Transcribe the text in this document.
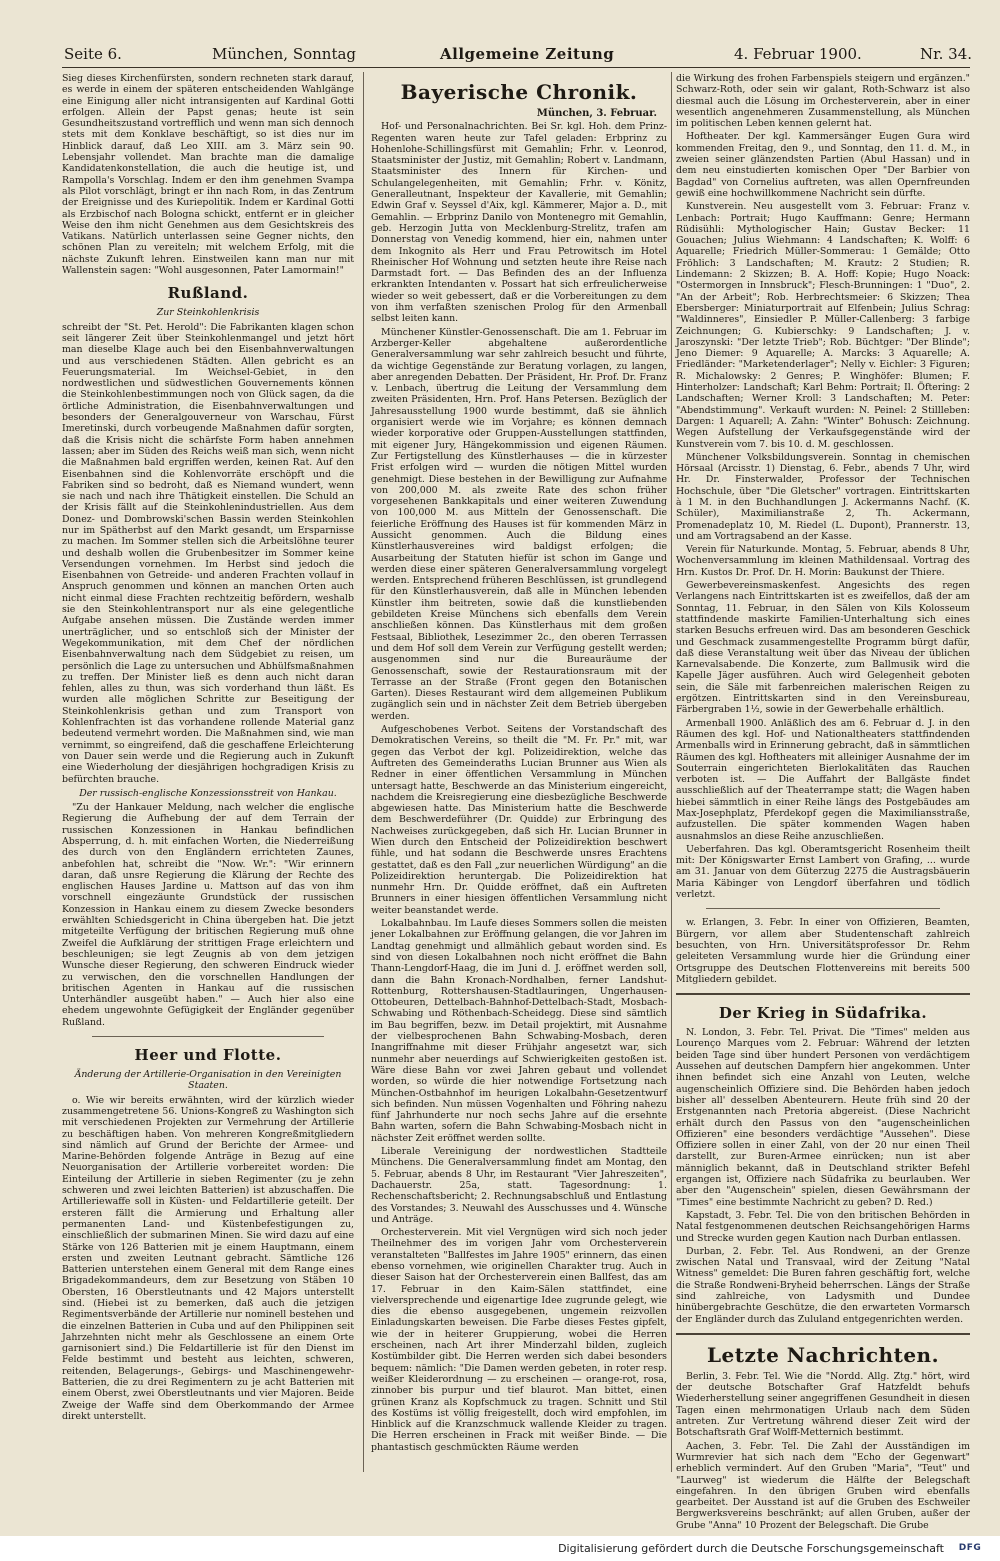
Seite 6.	München, Sonntag	Allgemeine Zeitung	4. Februar 1900.	Nr. 34.

Sieg dieses Kirchenfürsten, sondern rechneten stark darauf, es werde in einem der späteren entscheidenden Wahlgänge eine Einigung aller nicht intransigenten auf Kardinal Gotti erfolgen. Allein der Papst genas; heute ist sein Gesundheitszustand vortrefflich und wenn man sich dennoch stets mit dem Konklave beschäftigt, so ist dies nur im Hinblick darauf, daß Leo XIII. am 3. März sein 90. Lebensjahr vollendet. Man brachte man die damalige Kandidatenkonstellation, die auch die heutige ist, und Rampolla's Vorschlag. Indem er den ihm genehmen Svampa als Pilot vorschlägt, bringt er ihn nach Rom, in das Zentrum der Ereignisse und des Kuriepolitik. Indem er Kardinal Gotti als Erzbischof nach Bologna schickt, entfernt er in gleicher Weise den ihm nicht Genehmen aus dem Gesichtskreis des Vatikans. Natürlich unterlassen seine Gegner nichts, den schönen Plan zu vereiteln; mit welchem Erfolg, mit die nächste Zukunft lehren. Einstweilen kann man nur mit Wallenstein sagen: "Wohl ausgesonnen, Pater Lamormain!"

Rußland.
Zur Steinkohlenkrisis

schreibt der "St. Pet. Herold": Die Fabrikanten klagen schon seit längerer Zeit über Steinkohlenmangel und jetzt hört man dieselbe Klage auch bei den Eisenbahnverwaltungen und aus verschiedenen Städten. Allen gebricht es an Feuerungsmaterial. Im Weichsel-Gebiet, in den nordwestlichen und südwestlichen Gouvernements können die Steinkohlenbestimmungen noch von Glück sagen, da die örtliche Administration, die Eisenbahnverwaltungen und besonders der Generalgouverneur von Warschau, Fürst Imeretinski, durch vorbeugende Maßnahmen dafür sorgten, daß die Krisis nicht die schärfste Form haben annehmen lassen; aber im Süden des Reichs weiß man sich, wenn nicht die Maßnahmen bald ergriffen werden, keinen Rat. Auf den Eisenbahnen sind die Kohlenvorräte erschöpft und die Fabriken sind so bedroht, daß es Niemand wundert, wenn sie nach und nach ihre Thätigkeit einstellen. Die Schuld an der Krisis fällt auf die Steinkohlenindustriellen. Aus dem Donez- und Dombrowski'schen Bassin werden Steinkohlen nur im Spätherbst auf den Markt gesandt, um Ersparnisse zu machen. Im Sommer stellen sich die Arbeitslöhne teurer und deshalb wollen die Grubenbesitzer im Sommer keine Versendungen vornehmen. Im Herbst sind jedoch die Eisenbahnen von Getreide- und anderen Frachten vollauf in Anspruch genommen und können an manchen Orten auch nicht einmal diese Frachten rechtzeitig befördern, weshalb sie den Steinkohlentransport nur als eine gelegentliche Aufgabe ansehen müssen. Die Zustände werden immer unerträglicher, und so entschloß sich der Minister der Wegekommunikation, mit dem Chef der nördlichen Eisenbahnverwaltung nach dem Südgebiet zu reisen, um persönlich die Lage zu untersuchen und Abhülfsmaßnahmen zu treffen. Der Minister ließ es denn auch nicht daran fehlen, alles zu thun, was sich vorderhand thun läßt. Es wurden alle möglichen Schritte zur Beseitigung der Steinkohlenkrisis gethan und zum Transport von Kohlenfrachten ist das vorhandene rollende Material ganz bedeutend vermehrt worden. Die Maßnahmen sind, wie man vernimmt, so eingreifend, daß die geschaffene Erleichterung von Dauer sein werde und die Regierung auch in Zukunft eine Wiederholung der diesjährigen hochgradigen Krisis zu befürchten brauche.

Der russisch-englische Konzessionsstreit von Hankau.

"Zu der Hankauer Meldung, nach welcher die englische Regierung die Aufhebung der auf dem Terrain der russischen Konzessionen in Hankau befindlichen Absperrung, d. h. mit einfachen Worten, die Niederreißung des durch von den Engländern errichteten Zaunes, anbefohlen hat, schreibt die "Now. Wr.": "Wir erinnern daran, daß unsre Regierung die Klärung der Rechte des englischen Hauses Jardine u. Mattson auf das von ihm vorschnell eingezäunte Grundstück der russischen Konzession in Hankau einem zu diesem Zwecke besonders erwählten Schiedsgericht in China übergeben hat. Die jetzt mitgeteilte Verfügung der britischen Regierung muß ohne Zweifel die Aufklärung der strittigen Frage erleichtern und beschleunigen; sie legt Zeugnis ab von dem jetzigen Wunsche dieser Regierung, den schweren Eindruck wieder zu verwischen, den die vorschnellen Handlungen der britischen Agenten in Hankau auf die russischen Unterhändler ausgeübt haben." — Auch hier also eine ehedem ungewohnte Gefügigkeit der Engländer gegenüber Rußland.

Heer und Flotte.
Änderung der Artillerie-Organisation in den Vereinigten Staaten.

o. Wie wir bereits erwähnten, wird der kürzlich wieder zusammengetretene 56. Unions-Kongreß zu Washington sich mit verschiedenen Projekten zur Vermehrung der Artillerie zu beschäftigen haben. Von mehreren Kongreßmitgliedern sind nämlich auf Grund der Berichte der Armee- und Marine-Behörden folgende Anträge in Bezug auf eine Neuorganisation der Artillerie vorbereitet worden: Die Einteilung der Artillerie in sieben Regimenter (zu je zehn schweren und zwei leichten Batterien) ist abzuschaffen. Die Artilleriewaffe soll in Küsten- und Feldartillerie geteilt. Der ersteren fällt die Armierung und Erhaltung aller permanenten Land- und Küstenbefestigungen zu, einschließlich der submarinen Minen. Sie wird dazu auf eine Stärke von 126 Batterien mit je einem Hauptmann, einem ersten und zweiten Leutnant gebracht. Sämtliche 126 Batterien unterstehen einem General mit dem Range eines Brigadekommandeurs, dem zur Besetzung von Stäben 10 Obersten, 16 Oberstleutnants und 42 Majors unterstellt sind. (Hiebei ist zu bemerken, daß auch die jetzigen Regimentsverbände der Artillerie nur nominell bestehen und die einzelnen Batterien in Cuba und auf den Philippinen seit Jahrzehnten nicht mehr als Geschlossene an einem Orte garnisoniert sind.) Die Feldartillerie ist für den Dienst im Felde bestimmt und besteht aus leichten, schweren, reitenden, Belagerungs-, Gebirgs- und Maschinengewehr-Batterien, die zu drei Regimentern zu je acht Batterien mit einem Oberst, zwei Oberstleutnants und vier Majoren. Beide Zweige der Waffe sind dem Oberkommando der Armee direkt unterstellt.

Bayerische Chronik.
München, 3. Februar.

Hof- und Personalnachrichten. Bei Sr. kgl. Hoh. dem Prinz-Regenten waren heute zur Tafel geladen: Erbprinz zu Hohenlohe-Schillingsfürst mit Gemahlin; Frhr. v. Leonrod, Staatsminister der Justiz, mit Gemahlin; Robert v. Landmann, Staatsminister des Innern für Kirchen- und Schulangelegenheiten, mit Gemahlin; Frhr. v. Könitz, Generalleutnant, Inspekteur der Kavallerie, mit Gemahlin; Edwin Graf v. Seyssel d'Aix, kgl. Kämmerer, Major a. D., mit Gemahlin. — Erbprinz Danilo von Montenegro mit Gemahlin, geb. Herzogin Jutta von Mecklenburg-Strelitz, trafen am Donnerstag von Venedig kommend, hier ein, nahmen unter dem Inkognito als Herr und Frau Petrowitsch im Hotel Rheinischer Hof Wohnung und setzten heute ihre Reise nach Darmstadt fort. — Das Befinden des an der Influenza erkrankten Intendanten v. Possart hat sich erfreulicherweise wieder so weit gebessert, daß er die Vorbereitungen zu dem von ihm verfaßten szenischen Prolog für den Armenball selbst leiten kann.

Münchener Künstler-Genossenschaft. Die am 1. Februar im Arzberger-Keller abgehaltene außerordentliche Generalversammlung war sehr zahlreich besucht und führte, da wichtige Gegenstände zur Beratung vorlagen, zu langen, aber anregenden Debatten. Der Präsident, Hr. Prof. Dr. Franz v. Lenbach, übertrug die Leitung der Versammlung dem zweiten Präsidenten, Hrn. Prof. Hans Petersen. Bezüglich der Jahresausstellung 1900 wurde bestimmt, daß sie ähnlich organisiert werde wie im Vorjahre; es können demnach wieder korporative oder Gruppen-Ausstellungen stattfinden, mit eigener Jury, Hängekommission und eigenen Räumen. Zur Fertigstellung des Künstlerhauses — die in kürzester Frist erfolgen wird — wurden die nötigen Mittel wurden genehmigt. Diese bestehen in der Bewilligung zur Aufnahme von 200,000 M. als zweite Rate des schon früher vorgesehenen Bankkapitals und einer weiteren Zuwendung von 100,000 M. aus Mitteln der Genossenschaft. Die feierliche Eröffnung des Hauses ist für kommenden März in Aussicht genommen. Auch die Bildung eines Künstlerhausvereines wird baldigst erfolgen; die Ausarbeitung der Statuten hiefür ist schon im Gange und werden diese einer späteren Generalversammlung vorgelegt werden. Entsprechend früheren Beschlüssen, ist grundlegend für den Künstlerhausverein, daß alle in München lebenden Künstler ihm beitreten, sowie daß die kunstliebenden gebildeten Kreise Münchens sich ebenfalls dem Verein anschließen können. Das Künstlerhaus mit dem großen Festsaal, Bibliothek, Lesezimmer 2c., den oberen Terrassen und dem Hof soll dem Verein zur Verfügung gestellt werden; ausgenommen sind nur die Bureauräume der Genossenschaft, sowie der Restaurationsraum mit der Terrasse an der Straße (Front gegen den Botanischen Garten). Dieses Restaurant wird dem allgemeinen Publikum zugänglich sein und in nächster Zeit dem Betrieb übergeben werden.

Aufgeschobenes Verbot. Seitens der Vorstandschaft des Demokratischen Vereins, so theilt die "M. Fr. Pr." mit, war gegen das Verbot der kgl. Polizeidirektion, welche das Auftreten des Gemeinderaths Lucian Brunner aus Wien als Redner in einer öffentlichen Versammlung in München untersagt hatte, Beschwerde an das Ministerium eingereicht, nachdem die Kreisregierung eine diesbezügliche Beschwerde abgewiesen hatte. Das Ministerium hatte die Beschwerde dem Beschwerdeführer (Dr. Quidde) zur Erbringung des Nachweises zurückgegeben, daß sich Hr. Lucian Brunner in Wien durch den Entscheid der Polizeidirektion beschwert fühle, und hat sodann die Beschwerde unsres Erachtens gestattet, daß es den Fall „zur neuerlichen Würdigung" an die Polizeidirektion heruntergab. Die Polizeidirektion hat nunmehr Hrn. Dr. Quidde eröffnet, daß ein Auftreten Brunners in einer hiesigen öffentlichen Versammlung nicht weiter beanstandet werde.

Lokalbahnbau. Im Laufe dieses Sommers sollen die meisten jener Lokalbahnen zur Eröffnung gelangen, die vor Jahren im Landtag genehmigt und allmählich gebaut worden sind. Es sind von diesen Lokalbahnen noch nicht eröffnet die Bahn Thann-Lengdorf-Haag, die im Juni d. J. eröffnet werden soll, dann die Bahn Kronach-Nordhalben, ferner Landshut-Rottenburg, Rottershausen-Stadtlauringen, Ungerhausen-Ottobeuren, Dettelbach-Bahnhof-Dettelbach-Stadt, Mosbach-Schwabing und Röthenbach-Scheidegg. Diese sind sämtlich im Bau begriffen, bezw. im Detail projektirt, mit Ausnahme der vielbesprochenen Bahn Schwabing-Mosbach, deren Inangriffnahme mit dieser Frühjahr angesetzt war, sich nunmehr aber neuerdings auf Schwierigkeiten gestoßen ist. Wäre diese Bahn vor zwei Jahren gebaut und vollendet worden, so würde die hier notwendige Fortsetzung nach München-Ostbahnhof im heurigen Lokalbahn-Gesetzentwurf sich befinden. Nun müssen Vogenhalten und Föhring nahezu fünf Jahrhunderte nur noch sechs Jahre auf die ersehnte Bahn warten, sofern die Bahn Schwabing-Mosbach nicht in nächster Zeit eröffnet werden sollte.

Liberale Vereinigung der nordwestlichen Stadtteile Münchens. Die Generalversammlung findet am Montag, den 5. Februar, abends 8 Uhr, im Restaurant "Vier Jahreszeiten", Dachauerstr. 25a, statt. Tagesordnung: 1. Rechenschaftsbericht; 2. Rechnungsabschluß und Entlastung des Vorstandes; 3. Neuwahl des Ausschusses und 4. Wünsche und Anträge.

Orchesterverein. Mit viel Vergnügen wird sich noch jeder Theilnehmer des im vorigen Jahr vom Orchesterverein veranstalteten "Ballfestes im Jahre 1905" erinnern, das einen ebenso vornehmen, wie originellen Charakter trug. Auch in dieser Saison hat der Orchesterverein einen Ballfest, das am 17. Februar in den Kaim-Sälen stattfindet, eine vielversprechende und eigenartige Idee zugrunde gelegt, wie dies die ebenso ausgegebenen, ungemein reizvollen Einladungskarten beweisen. Die Farbe dieses Festes gipfelt, wie der in heiterer Gruppierung, wobei die Herren erscheinen, nach Art ihrer Minderzahl bilden, zugleich Kostümbilder gibt. Die Herren werden sich dabei besonders bequem: nämlich: "Die Damen werden gebeten, in roter resp. weißer Kleiderordnung — zu erscheinen — orange-rot, rosa, zinnober bis purpur und tief blaurot. Man bittet, einen grünen Kranz als Kopfschmuck zu tragen. Schnitt und Stil des Kostüms ist völlig freigestellt, doch wird empfohlen, im Hinblick auf die Kranzschmuck wallende Kleider zu tragen. Die Herren erscheinen in Frack mit weißer Binde. — Die phantastisch geschmückten Räume werden

die Wirkung des frohen Farbenspiels steigern und ergänzen." Schwarz-Roth, oder sein wir galant, Roth-Schwarz ist also diesmal auch die Lösung im Orchesterverein, aber in einer wesentlich angenehmeren Zusammenstellung, als München im politischen Leben kennen gelernt hat.

Hoftheater. Der kgl. Kammersänger Eugen Gura wird kommenden Freitag, den 9., und Sonntag, den 11. d. M., in zweien seiner glänzendsten Partien (Abul Hassan) und in dem neu einstudierten komischen Oper "Der Barbier von Bagdad" von Cornelius auftreten, was allen Opernfreunden gewiß eine hochwillkommene Nachricht sein dürfte.

Kunstverein. Neu ausgestellt vom 3. Februar: Franz v. Lenbach: Portrait; Hugo Kauffmann: Genre; Hermann Rüdisühli: Mythologischer Hain; Gustav Becker: 11 Gouachen; Julius Wiehmann: 4 Landschaften; K. Wolff: 6 Aquarelle; Friedrich Müller-Sommerau: 1 Gemälde; Otto Fröhlich: 3 Landschaften; M. Krautz: 2 Studien; R. Lindemann: 2 Skizzen; B. A. Hoff: Kopie; Hugo Noack: "Ostermorgen in Innsbruck"; Flesch-Brunningen: 1 "Duo", 2. "An der Arbeit"; Rob. Herbrechtsmeier: 6 Skizzen; Thea Ebersberger: Miniaturportrait auf Elfenbein; Julius Schrag: "Waldinneres", Einsiedler P. Müller-Callenberg: 3 farbige Zeichnungen; G. Kubierschky: 9 Landschaften; J. v. Jaroszynski: "Der letzte Trieb"; Rob. Büchtger: "Der Blinde"; Jeno Diemer: 9 Aquarelle; A. Marcks: 3 Aquarelle; A. Friedländer: "Marketenderlager"; Nelly v. Eichler: 3 Figuren; R. Michalowsky: 2 Genres; P. Winghöfer: Blumen; F. Hinterholzer: Landschaft; Karl Behm: Portrait; Il. Öftering: 2 Landschaften; Werner Kroll: 3 Landschaften; M. Peter: "Abendstimmung". Verkauft wurden: N. Peinel: 2 Stillleben: Dargen: 1 Aquarell; A. Zahn: "Winter" Bohusch: Zeichnung. Wegen Aufstellung der Verkaufsgegenstände wird der Kunstverein vom 7. bis 10. d. M. geschlossen.

Münchener Volksbildungsverein. Sonntag in chemischen Hörsaal (Arcisstr. 1) Dienstag, 6. Febr., abends 7 Uhr, wird Hr. Dr. Finsterwalder, Professor der Technischen Hochschule, über "Die Gletscher" vortragen. Eintrittskarten à 1 M. in den Buchhandlungen J. Ackermanns Nachf. (K. Schüler), Maximilianstraße 2, Th. Ackermann, Promenadeplatz 10, M. Riedel (L. Dupont), Prannerstr. 13, und am Vortragsabend an der Kasse.

Verein für Naturkunde. Montag, 5. Februar, abends 8 Uhr, Wochenversammlung im kleinen Mathildensaal. Vortrag des Hrn. Kustos Dr. Prof. Dr. H. Morin: Baukunst der Thiere.

Gewerbevereinsmaskenfest. Angesichts des regen Verlangens nach Eintrittskarten ist es zweifellos, daß der am Sonntag, 11. Februar, in den Sälen von Kils Kolosseum stattfindende maskirte Familien-Unterhaltung sich eines starken Besuchs erfreuen wird. Das am besonderen Geschick und Geschmack zusammengestellte Programm bürgt dafür, daß diese Veranstaltung weit über das Niveau der üblichen Karnevalsabende. Die Konzerte, zum Ballmusik wird die Kapelle Jäger ausführen. Auch wird Gelegenheit geboten sein, die Säle mit farbenreichen malerischen Reigen zu ergötzen. Eintrittskarten sind in den Vereinsbureau, Färbergraben 1½, sowie in der Gewerbehalle erhältlich.

Armenball 1900. Anläßlich des am 6. Februar d. J. in den Räumen des kgl. Hof- und Nationaltheaters stattfindenden Armenballs wird in Erinnerung gebracht, daß in sämmtlichen Räumen des kgl. Hoftheaters mit alleiniger Ausnahme der im Souterrain eingerichteten Bierlokalitäten das Rauchen verboten ist. — Die Auffahrt der Ballgäste findet ausschließlich auf der Theaterrampe statt; die Wagen haben hiebei sämmtlich in einer Reihe längs des Postgebäudes am Max-Josephplatz, Pferdekopf gegen die Maximiliansstraße, aufzustellen. Die später kommenden Wagen haben ausnahmslos an diese Reihe anzuschließen.

Ueberfahren. Das kgl. Oberamtsgericht Rosenheim theilt mit: Der Königswarter Ernst Lambert von Grafing, ... wurde am 31. Januar von dem Güterzug 2275 die Austragsbäuerin Maria Käbinger von Lengdorf überfahren und tödlich verletzt.

w. Erlangen, 3. Febr. In einer von Offizieren, Beamten, Bürgern, vor allem aber Studentenschaft zahlreich besuchten, von Hrn. Universitätsprofessor Dr. Rehm geleiteten Versammlung wurde hier die Gründung einer Ortsgruppe des Deutschen Flottenvereins mit bereits 500 Mitgliedern gebildet.

Der Krieg in Südafrika.

N. London, 3. Febr. Tel. Privat. Die "Times" melden aus Lourenço Marques vom 2. Februar: Während der letzten beiden Tage sind über hundert Personen von verdächtigem Aussehen auf deutschen Dampfern hier angekommen. Unter ihnen befindet sich eine Anzahl von Leuten, welche augenscheinlich Offiziere sind. Die Behörden haben jedoch bisher all' desselben Abenteurern. Heute früh sind 20 der Erstgenannten nach Pretoria abgereist. (Diese Nachricht erhält durch den Passus von den "augenscheinlichen Offizieren" eine besonders verdächtige "Aussehen". Diese Offiziere sollen in einer Zahl, von der 20 nur einen Theil darstellt, zur Buren-Armee einrücken; nun ist aber männiglich bekannt, daß in Deutschland strikter Befehl ergangen ist, Offiziere nach Südafrika zu beurlauben. Wer aber den "Augenschein" spielen, diesen Gewährsmann der "Times" eine bestimmte Nachricht zu geben? D. Red.)

Kapstadt, 3. Febr. Tel. Die von den britischen Behörden in Natal festgenommenen deutschen Reichsangehörigen Harms und Strecke wurden gegen Kaution nach Durban entlassen.

Durban, 2. Febr. Tel. Aus Rondweni, an der Grenze zwischen Natal und Transvaal, wird der Zeitung "Natal Witness" gemeldet: Die Buren fahren geschäftig fort, welche die Straße Rondweni-Bryheid beherrschen. Längs der Straße sind zahlreiche, von Ladysmith und Dundee hinübergebrachte Geschütze, die den erwarteten Vormarsch der Engländer durch das Zululand entgegenrichten werden.

Letzte Nachrichten.

Berlin, 3. Febr. Tel. Wie die "Nordd. Allg. Ztg." hört, wird der deutsche Botschafter Graf Hatzfeldt behufs Wiederherstellung seiner angegriffenen Gesundheit in diesen Tagen einen mehrmonatigen Urlaub nach dem Süden antreten. Zur Vertretung während dieser Zeit wird der Botschaftsrath Graf Wolff-Metternich bestimmt.

Aachen, 3. Febr. Tel. Die Zahl der Ausständigen im Wurmrevier hat sich nach dem "Echo der Gegenwart" erheblich vermindert. Auf den Gruben "Maria", "Teut" und "Laurweg" ist wiederum die Hälfte der Belegschaft eingefahren. In den übrigen Gruben wird ebenfalls gearbeitet. Der Ausstand ist auf die Gruben des Eschweiler Bergwerksvereins beschränkt; auf allen Gruben, außer der Grube "Anna" 10 Prozent der Belegschaft. Die Grube

Digitalisierung gefördert durch die Deutsche Forschungsgemeinschaft	DFG
